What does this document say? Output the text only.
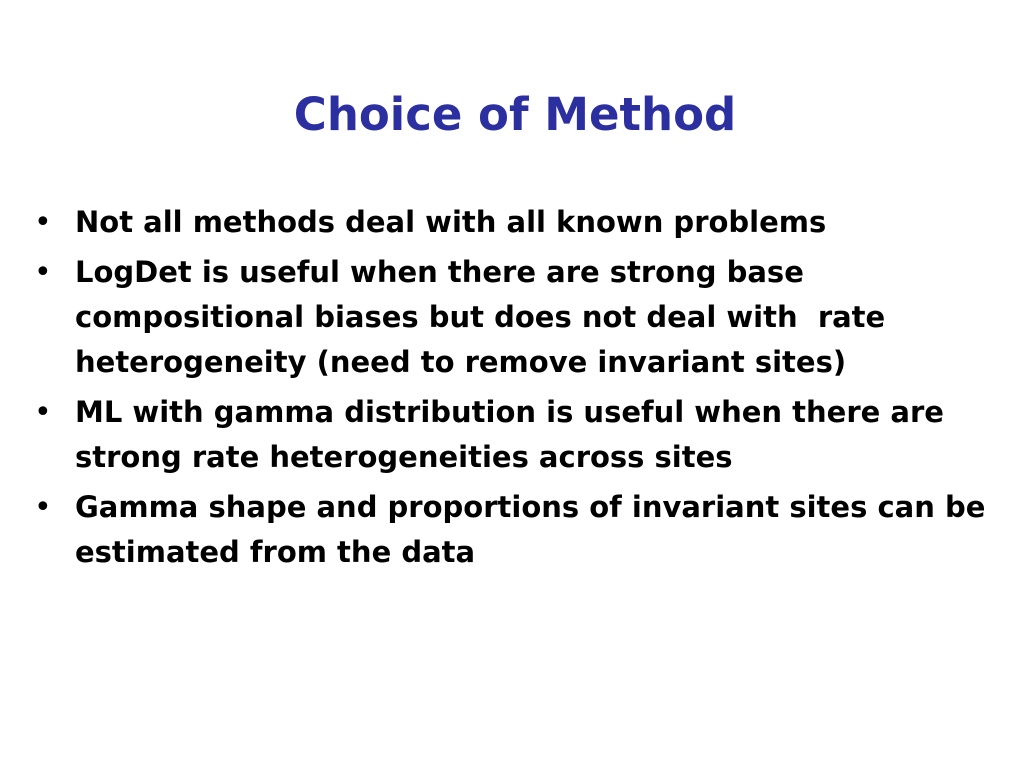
Choice of Method
• Not all methods deal with all known problems
• LogDet is useful when there are strong base compositional biases but does not deal with  rate heterogeneity (need to remove invariant sites)
• ML with gamma distribution is useful when there are strong rate heterogeneities across sites
• Gamma shape and proportions of invariant sites can be estimated from the data
